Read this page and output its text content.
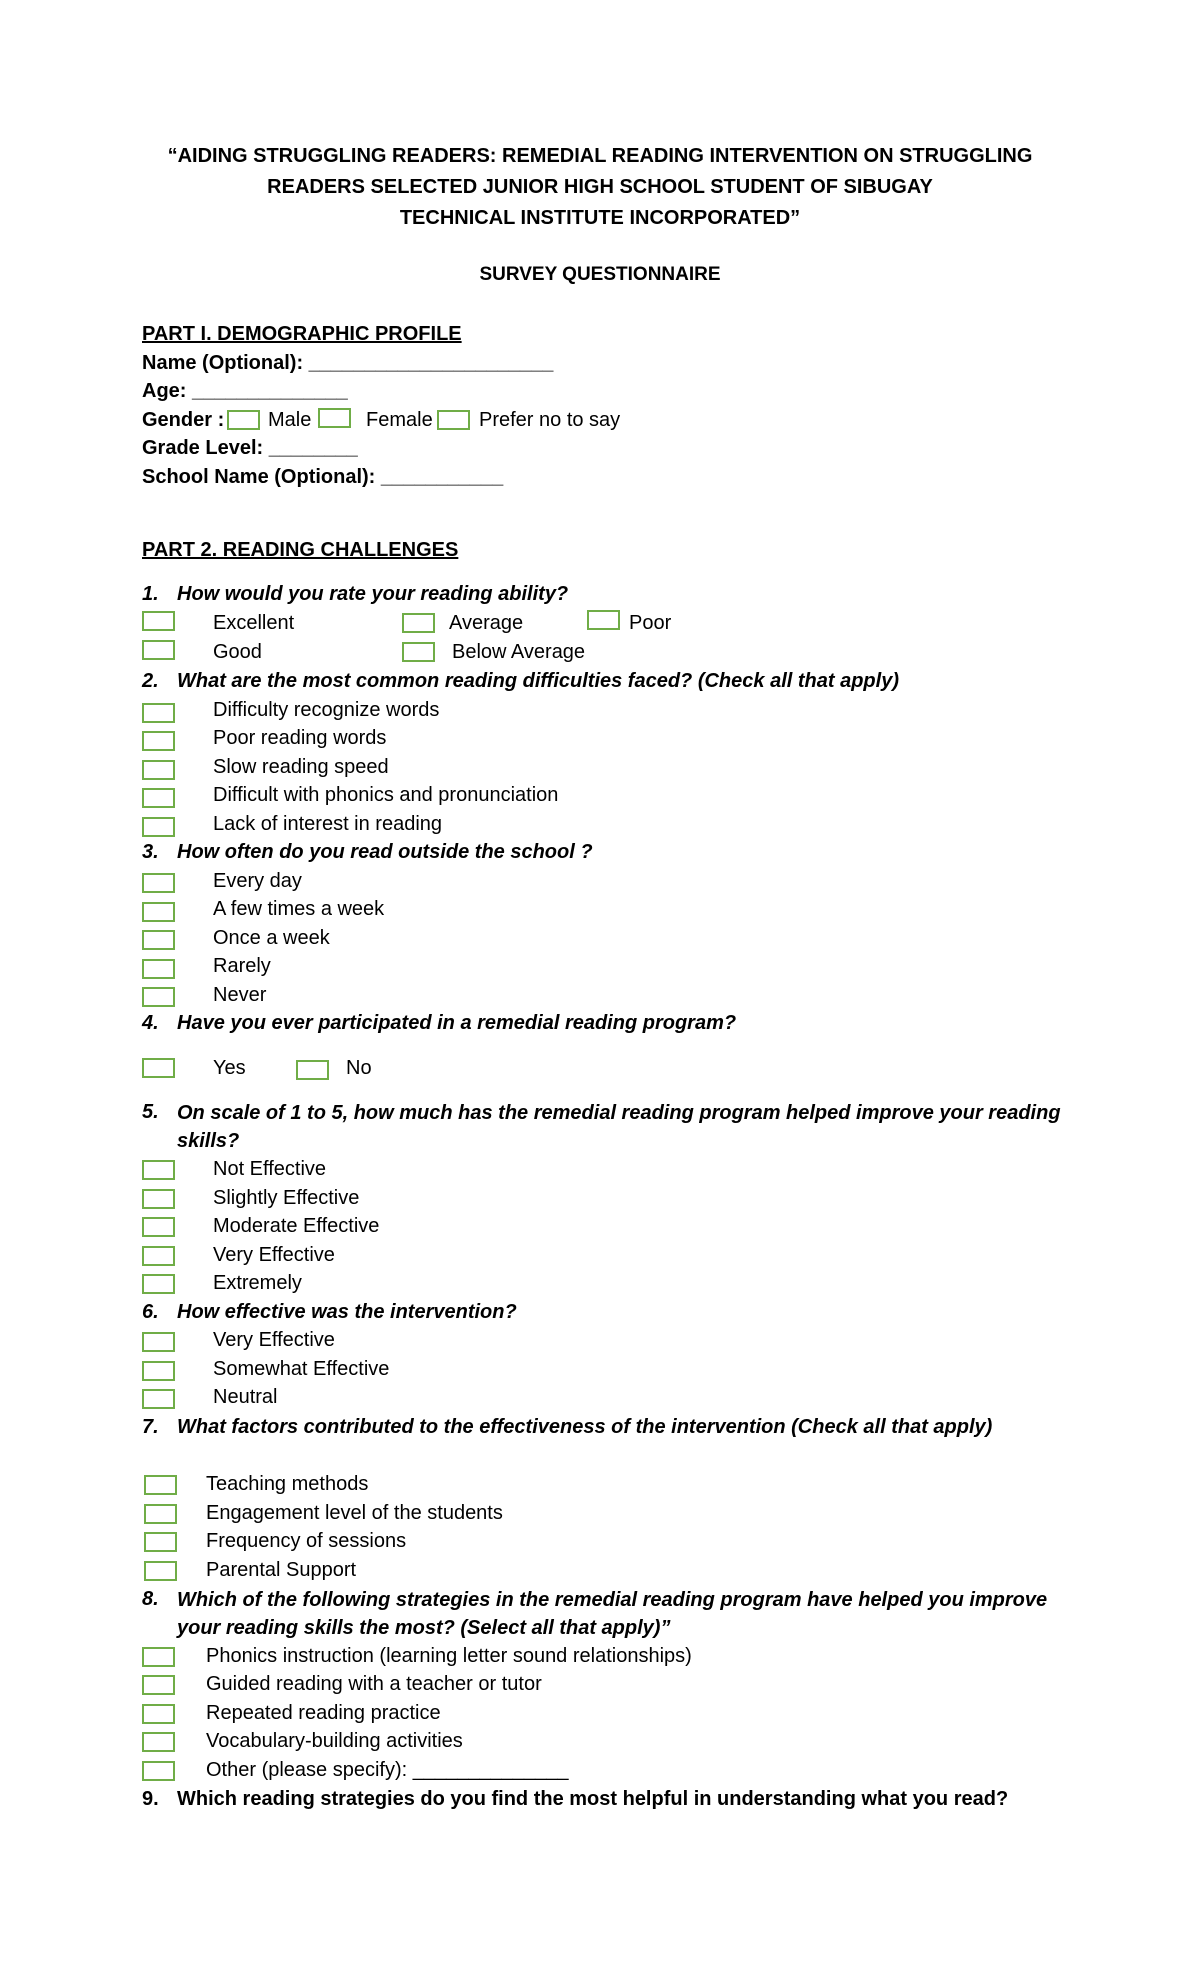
“AIDING STRUGGLING READERS: REMEDIAL READING INTERVENTION ON STRUGGLING
READERS SELECTED JUNIOR HIGH SCHOOL STUDENT OF SIBUGAY
TECHNICAL INSTITUTE INCORPORATED”
SURVEY QUESTIONNAIRE
PART I. DEMOGRAPHIC PROFILE
Name (Optional): ______________________
Age: ______________
Gender : Male	Female Prefer no to say
Grade Level: ________
School Name (Optional): ___________
PART 2. READING CHALLENGES
1. How would you rate your reading ability?
Excellent	Average	Poor
Good	Below Average
2. What are the most common reading difficulties faced? (Check all that apply)
Difficulty recognize words
Poor reading words
Slow reading speed
Difficult with phonics and pronunciation
Lack of interest in reading
3. How often do you read outside the school ?
Every day
A few times a week
Once a week
Rarely
Never
4. Have you ever participated in a remedial reading program?
Yes	No
5. On scale of 1 to 5, how much has the remedial reading program helped improve your reading skills?
Not Effective
Slightly Effective
Moderate Effective
Very Effective
Extremely
6. How effective was the intervention?
Very Effective
Somewhat Effective
Neutral
7. What factors contributed to the effectiveness of the intervention (Check all that apply)
Teaching methods
Engagement level of the students
Frequency of sessions
Parental Support
8. Which of the following strategies in the remedial reading program have helped you improve your reading skills the most? (Select all that apply)”
Phonics instruction (learning letter sound relationships)
Guided reading with a teacher or tutor
Repeated reading practice
Vocabulary-building activities
Other (please specify): ______________
9. Which reading strategies do you find the most helpful in understanding what you read?
